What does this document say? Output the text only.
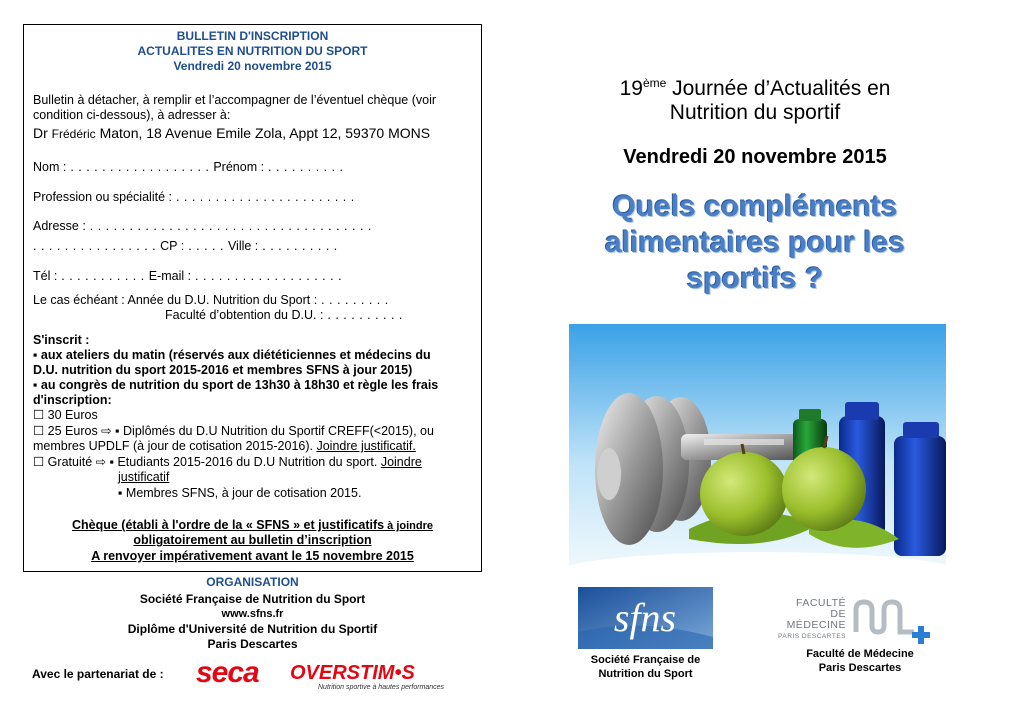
BULLETIN D'INSCRIPTION
ACTUALITES EN NUTRITION DU SPORT
Vendredi 20 novembre 2015
Bulletin à détacher, à remplir et l’accompagner de l’éventuel chèque (voir
condition ci-dessous), à adresser à:
Dr Frédéric Maton, 18 Avenue Emile Zola, Appt 12, 59370 MONS
Nom : . . . . . . . . . . . . . . . . . . Prénom : . . . . . . . . . .
Profession ou spécialité : . . . . . . . . . . . . . . . . . . . . . . .
Adresse : . . . . . . . . . . . . . . . . . . . . . . . . . . . . . . . . . . . .
. . . . . . . . . . . . . . . . CP : . . . . . Ville : . . . . . . . . . .
Tél : . . . . . . . . . . . E-mail : . . . . . . . . . . . . . . . . . . .
Le cas échéant : Année du D.U. Nutrition du Sport : . . . . . . . . .
Faculté d’obtention du D.U. : . . . . . . . . . .
S'inscrit :
▪ aux ateliers du matin (réservés aux diététiciennes et médecins du
D.U. nutrition du sport 2015-2016 et membres SFNS à jour 2015)
▪ au congrès de nutrition du sport de 13h30 à 18h30 et règle les frais
d'inscription:
☐ 30 Euros
☐ 25 Euros ⇨ ▪ Diplômés du D.U Nutrition du Sportif CREFF(<2015), ou
membres UPDLF (à jour de cotisation 2015-2016). Joindre justificatif.
☐ Gratuité ⇨ ▪ Etudiants 2015-2016 du D.U Nutrition du sport. Joindre
justificatif
▪ Membres SFNS, à jour de cotisation 2015.
Chèque (établi à l'ordre de la « SFNS » et justificatifs à joindre
obligatoirement au bulletin d’inscription
A renvoyer impérativement avant le 15 novembre 2015
ORGANISATION
Société Française de Nutrition du Sport
www.sfns.fr
Diplôme d'Université de Nutrition du Sportif
Paris Descartes
Avec le partenariat de : seca OVERSTIM•S
Nutrition sportive à hautes performances
19ème Journée d’Actualités en
Nutrition du sportif
Vendredi 20 novembre 2015
Quels compléments
alimentaires pour les
sportifs ?
sfns
Société Française de
Nutrition du Sport
FACULTÉ
DE MÉDECINE
PARIS DESCARTES
Faculté de Médecine
Paris Descartes
